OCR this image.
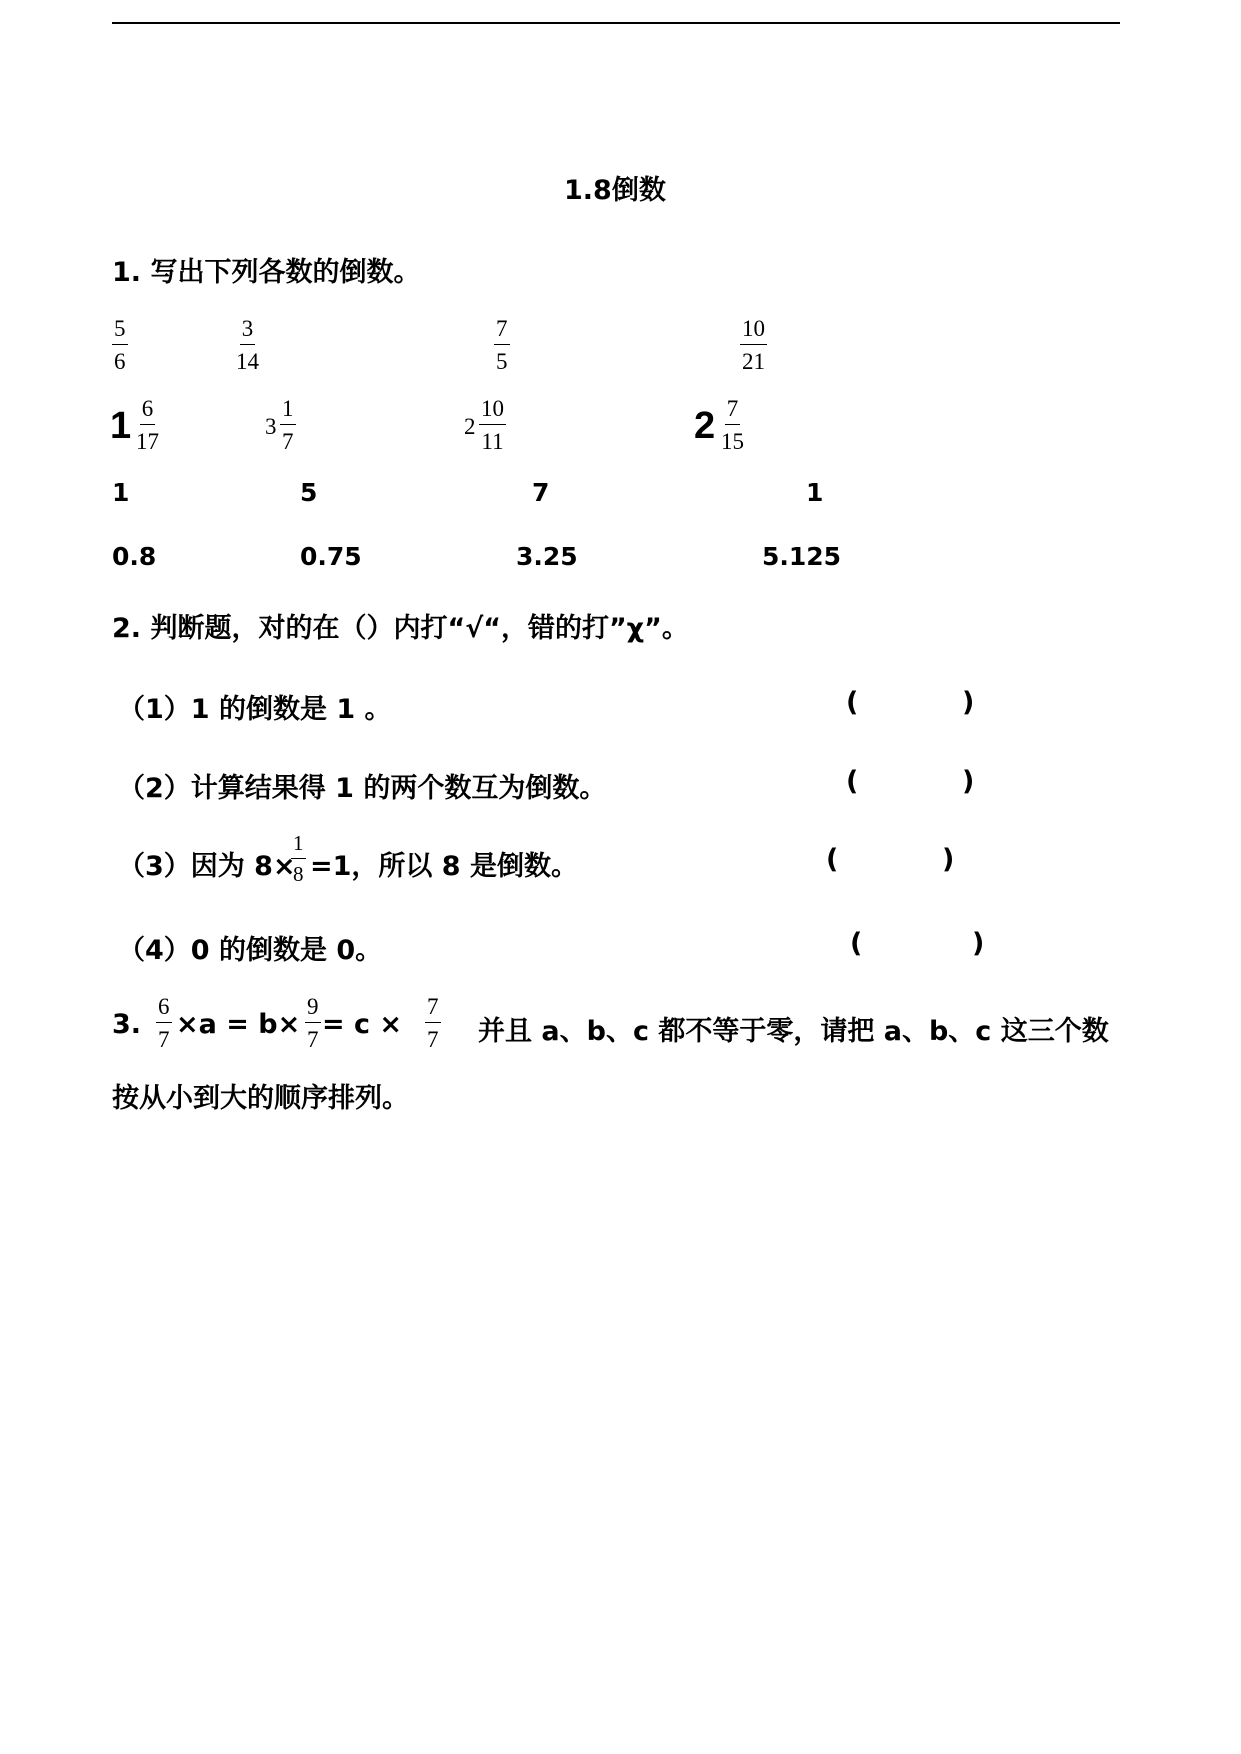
1.8倒数
1. 写出下列各数的倒数。
$\frac{5}{6}$	$\frac{3}{14}$	$\frac{7}{5}$	$\frac{10}{21}$
$1 \frac{6}{17}$	$3 \frac{1}{7}$	$2 \frac{10}{11}$	$2 \frac{7}{15}$
1	5	7	1
0.8	0.75	3.25	5.125
2. 判断题，对的在（）内打“√“，错的打”χ”。
（1）1 的倒数是 1 。	(	)
（2）计算结果得 1 的两个数互为倒数。	(	)
（3）因为 8×
$\frac{1}{8} =1$，所以 8 是倒数。	(	)
（4）0 的倒数是 0。	(	)
3. $\frac{6}{7} \times a = b\times \frac{9}{7} = c \times \frac{7}{7}$ 并且 a、b、c 都不等于零，请把 a、b、c 这三个数
按从小到大的顺序排列。
